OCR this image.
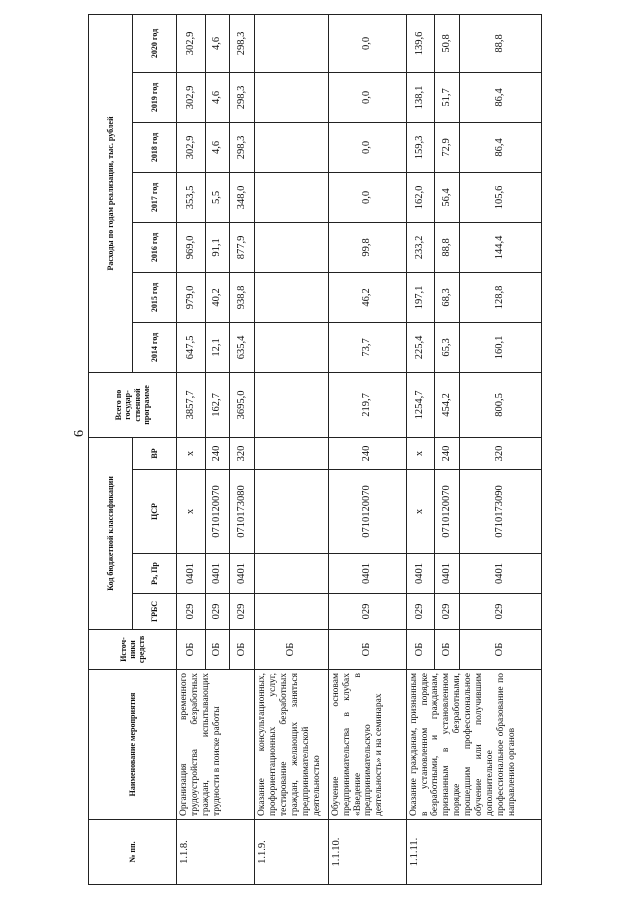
6
№ пп.	Наименование мероприятия	Источ-ники средств	Код бюджетной классификации				Всего по государ-ственной программе	Расходы по годам реализации, тыс. рублей						
			ГРБС	Рз, Пр	ЦСР	ВР		2014 год	2015 год	2016 год	2017 год	2018 год	2019 год	2020 год
1.1.8.	Организация временного трудоустройства безработных граждан, испытывающих трудности в поиске работы	ОБ	029	0401	х	х	3857,7	647,5	979,0	969,0	353,5	302,9	302,9	302,9
		ОБ	029	0401	0710120070	240	162,7	12,1	40,2	91,1	5,5	4,6	4,6	4,6
		ОБ	029	0401	0710173080	320	3695,0	635,4	938,8	877,9	348,0	298,3	298,3	298,3
1.1.9.	Оказание консультационных, профориентационных услуг, тестирование безработных граждан, желающих заняться предпринимательской деятельностью	ОБ												
1.1.10.	Обучение основам предпринимательства в клубах «Введение в предпринимательскую деятельность» и на семинарах	ОБ	029	0401	0710120070	240	219,7	73,7	46,2	99,8	0,0	0,0	0,0	0,0
1.1.11.	Оказание гражданам, признанным в установленном порядке безработными, и гражданам, признанным в установленном порядке безработными, прошедшим профессиональное обучение или получившим дополнительное профессиональное образование по направлению органов	ОБ	029	0401	х	х	1254,7	225,4	197,1	233,2	162,0	159,3	138,1	139,6
		ОБ	029	0401	0710120070	240	454,2	65,3	68,3	88,8	56,4	72,9	51,7	50,8
		ОБ	029	0401	0710173090	320	800,5	160,1	128,8	144,4	105,6	86,4	86,4	88,8
